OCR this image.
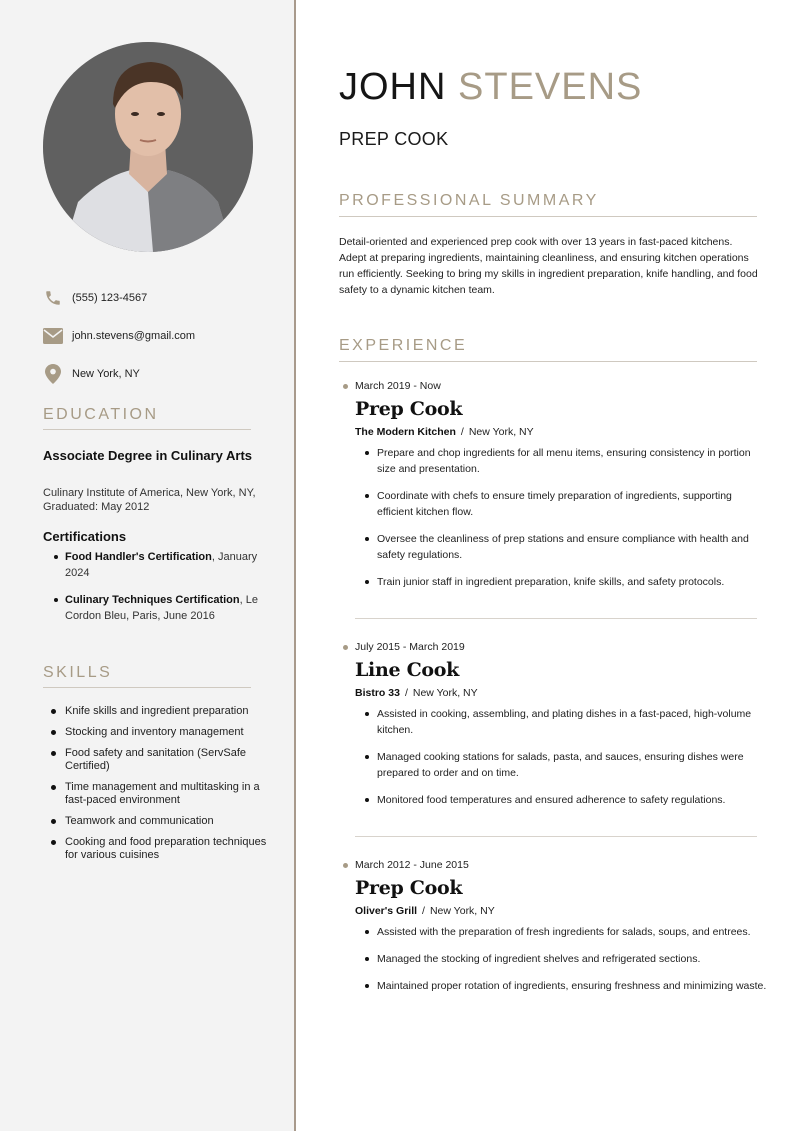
(555) 123-4567
john.stevens@gmail.com
New York, NY
EDUCATION
Associate Degree in Culinary Arts
Culinary Institute of America, New York, NY, Graduated: May 2012
Certifications
Food Handler's Certification, January 2024
Culinary Techniques Certification, Le Cordon Bleu, Paris, June 2016
SKILLS
Knife skills and ingredient preparation
Stocking and inventory management
Food safety and sanitation (ServSafe Certified)
Time management and multitasking in a fast-paced environment
Teamwork and communication
Cooking and food preparation techniques for various cuisines
JOHN STEVENS
PREP COOK
PROFESSIONAL SUMMARY
Detail-oriented and experienced prep cook with over 13 years in fast-paced kitchens. Adept at preparing ingredients, maintaining cleanliness, and ensuring kitchen operations run efficiently. Seeking to bring my skills in ingredient preparation, knife handling, and food safety to a dynamic kitchen team.
EXPERIENCE
March 2019 - Now
Prep Cook
The Modern Kitchen / New York, NY
Prepare and chop ingredients for all menu items, ensuring consistency in portion size and presentation.
Coordinate with chefs to ensure timely preparation of ingredients, supporting efficient kitchen flow.
Oversee the cleanliness of prep stations and ensure compliance with health and safety regulations.
Train junior staff in ingredient preparation, knife skills, and safety protocols.
July 2015 - March 2019
Line Cook
Bistro 33 / New York, NY
Assisted in cooking, assembling, and plating dishes in a fast-paced, high-volume kitchen.
Managed cooking stations for salads, pasta, and sauces, ensuring dishes were prepared to order and on time.
Monitored food temperatures and ensured adherence to safety regulations.
March 2012 - June 2015
Prep Cook
Oliver's Grill / New York, NY
Assisted with the preparation of fresh ingredients for salads, soups, and entrees.
Managed the stocking of ingredient shelves and refrigerated sections.
Maintained proper rotation of ingredients, ensuring freshness and minimizing waste.
